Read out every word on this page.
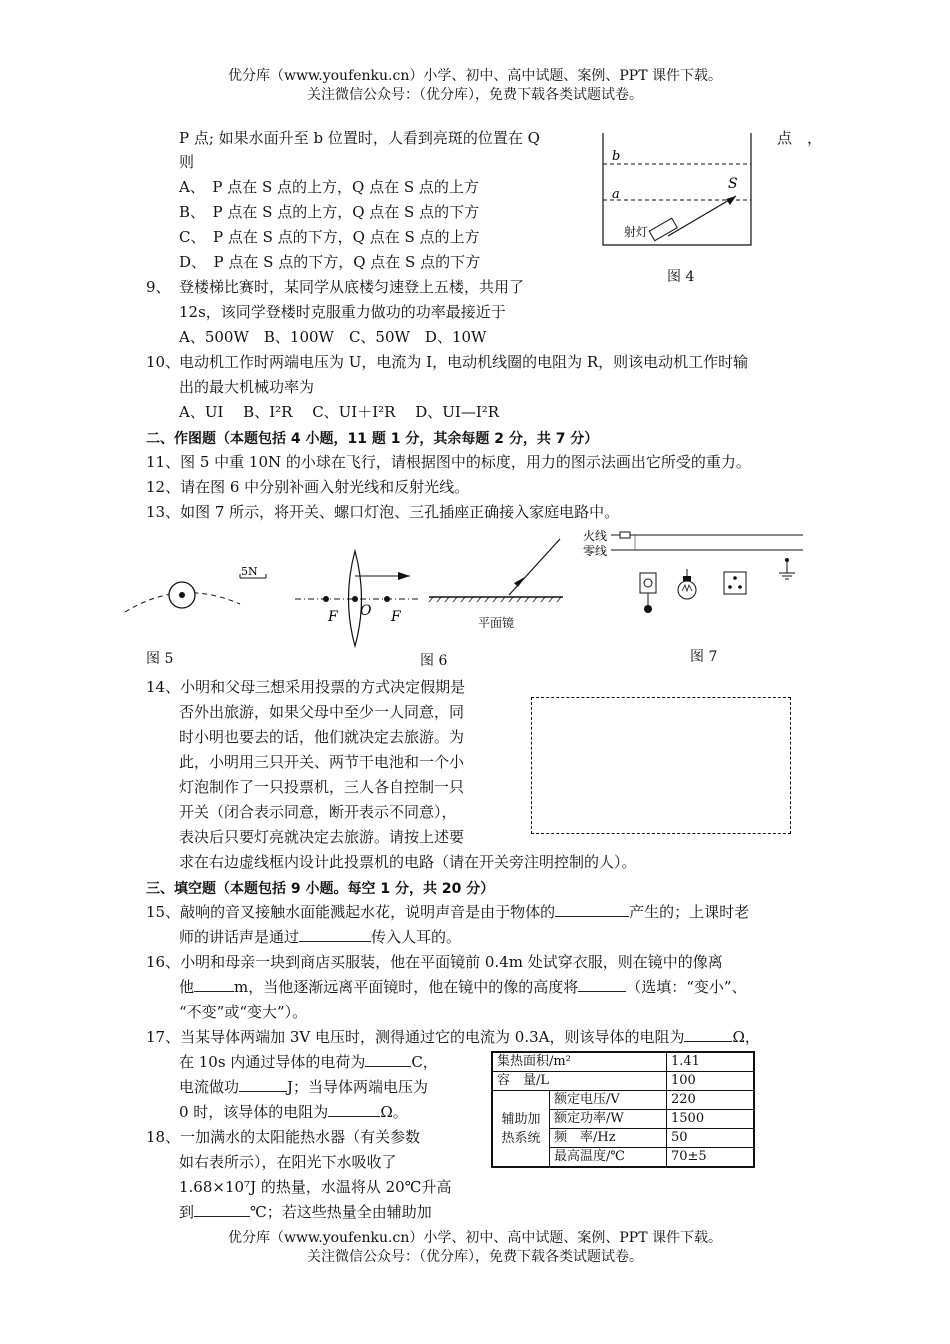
优分库（www.youfenku.cn）小学、初中、高中试题、案例、PPT 课件下载。
关注微信公众号：（优分库），免费下载各类试题试卷。
P 点; 如果水面升至 b 位置时，人看到亮斑的位置在 Q	点　，
则
A、　P 点在 S 点的上方，Q 点在 S 点的上方
B、　P 点在 S 点的上方，Q 点在 S 点的下方
C、　P 点在 S 点的下方，Q 点在 S 点的上方
D、　P 点在 S 点的下方，Q 点在 S 点的下方
b
a
S
射灯
图 4
9、 登楼梯比赛时，某同学从底楼匀速登上五楼，共用了
12s，该同学登楼时克服重力做功的功率最接近于
A、500W　B、100W　C、50W　D、10W
10、
电动机工作时两端电压为 U，电流为 I，电动机线圈的电阻为 R，则该电动机工作时输
出的最大机械功率为
A、UI　 B、I²R　 C、UI＋I²R　 D、UI—I²R
二、作图题（本题包括 4 小题，11 题 1 分，其余每题 2 分，共 7 分）
11、图 5 中重 10N 的小球在飞行，请根据图中的标度，用力的图示法画出它所受的重力。
12、请在图 6 中分别补画入射光线和反射光线。
13、如图 7 所示，将开关、螺口灯泡、三孔插座正确接入家庭电路中。
5N
图 5
F O F	平面镜
图 6
火线
零线
图 7
14、小明和父母三想采用投票的方式决定假期是
否外出旅游，如果父母中至少一人同意，同
时小明也要去的话，他们就决定去旅游。为
此，小明用三只开关、两节干电池和一个小
灯泡制作了一只投票机，三人各自控制一只
开关（闭合表示同意，断开表示不同意），
表决后只要灯亮就决定去旅游。请按上述要
求在右边虚线框内设计此投票机的电路（请在开关旁注明控制的人）。
三、填空题（本题包括 9 小题。每空 1 分，共 20 分）
15、敲响的音叉接触水面能溅起水花，说明声音是由于物体的	产生的；上课时老
师的讲话声是通过	传入人耳的。
16、小明和母亲一块到商店买服装，他在平面镜前 0.4m 处试穿衣服，则在镜中的像离
他	m，当他逐渐远离平面镜时，他在镜中的像的高度将	（选填：“变小”、
“不变”或“变大”）。
17、当某导体两端加 3V 电压时，测得通过它的电流为 0.3A，则该导体的电阻为	Ω，
在 10s 内通过导体的电荷为	C，
电流做功	J；当导体两端电压为
0 时，该导体的电阻为	Ω。
18、一加满水的太阳能热水器（有关参数
如右表所示），在阳光下水吸收了
1.68×10⁷J 的热量，水温将从 20℃升高
到	℃；若这些热量全由辅助加
集热面积/m²		1.41
容　量/L		100
辅助加热系统	额定电压/V	220
	额定功率/W	1500
	频　率/Hz	50
	最高温度/℃	70±5
优分库（www.youfenku.cn）小学、初中、高中试题、案例、PPT 课件下载。
关注微信公众号：（优分库），免费下载各类试题试卷。
